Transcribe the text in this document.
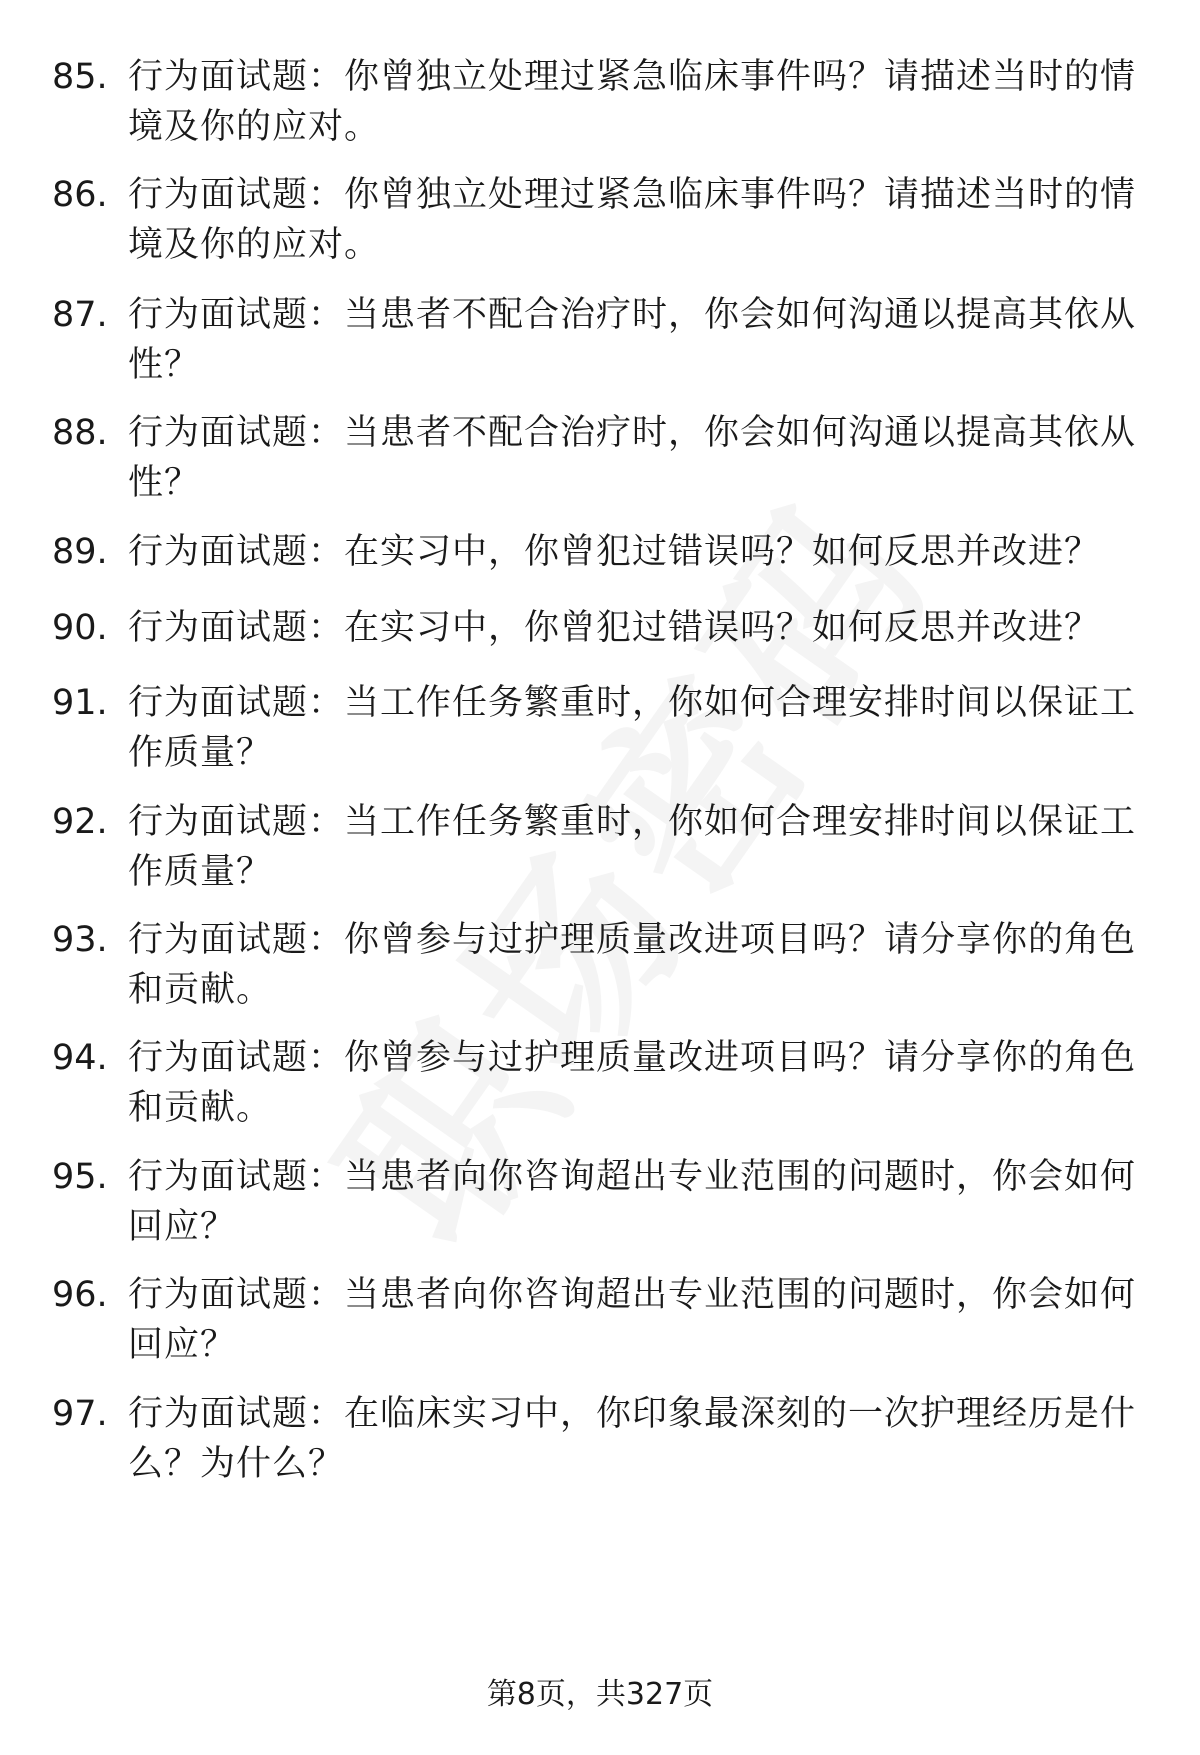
85. 行为面试题：你曾独立处理过紧急临床事件吗？请描述当时的情境及你的应对。
86. 行为面试题：你曾独立处理过紧急临床事件吗？请描述当时的情境及你的应对。
87. 行为面试题：当患者不配合治疗时，你会如何沟通以提高其依从性？
88. 行为面试题：当患者不配合治疗时，你会如何沟通以提高其依从性？
89. 行为面试题：在实习中，你曾犯过错误吗？如何反思并改进？
90. 行为面试题：在实习中，你曾犯过错误吗？如何反思并改进？
91. 行为面试题：当工作任务繁重时，你如何合理安排时间以保证工作质量？
92. 行为面试题：当工作任务繁重时，你如何合理安排时间以保证工作质量？
93. 行为面试题：你曾参与过护理质量改进项目吗？请分享你的角色和贡献。
94. 行为面试题：你曾参与过护理质量改进项目吗？请分享你的角色和贡献。
95. 行为面试题：当患者向你咨询超出专业范围的问题时，你会如何回应？
96. 行为面试题：当患者向你咨询超出专业范围的问题时，你会如何回应？
97. 行为面试题：在临床实习中，你印象最深刻的一次护理经历是什么？为什么？
第8页，共327页
